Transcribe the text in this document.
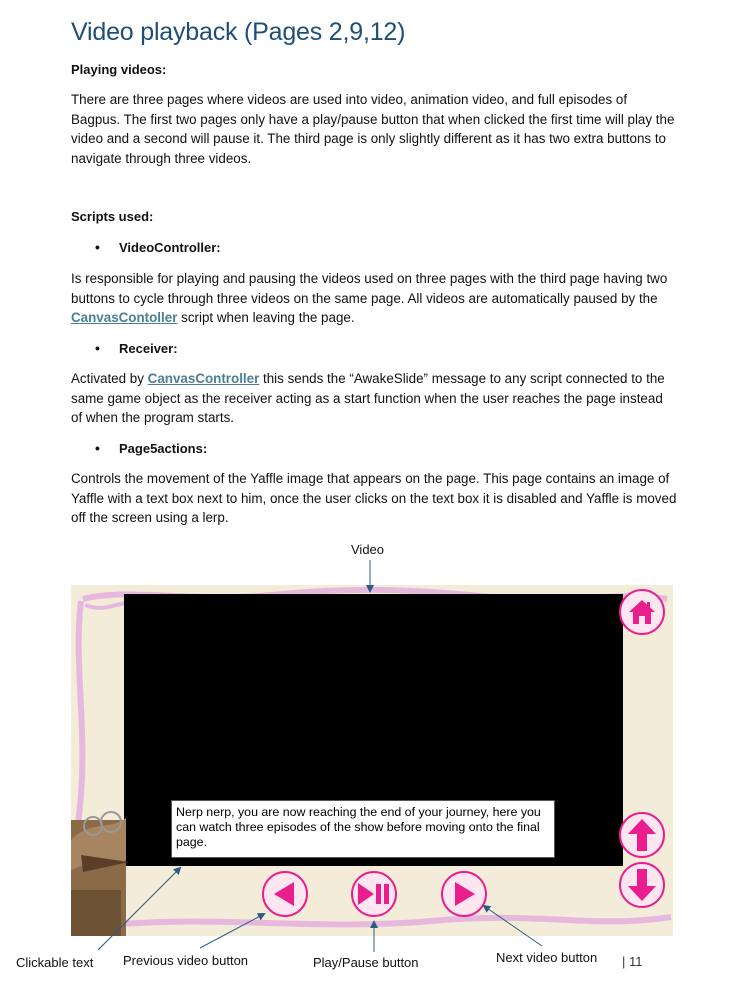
Video playback (Pages 2,9,12)
Playing videos:
There are three pages where videos are used into video, animation video, and full episodes of Bagpus. The first two pages only have a play/pause button that when clicked the first time will play the video and a second will pause it. The third page is only slightly different as it has two extra buttons to navigate through three videos.
Scripts used:
• VideoController:
Is responsible for playing and pausing the videos used on three pages with the third page having two buttons to cycle through three videos on the same page. All videos are automatically paused by the CanvasContoller script when leaving the page.
• Receiver:
Activated by CanvasController this sends the “AwakeSlide” message to any script connected to the same game object as the receiver acting as a start function when the user reaches the page instead of when the program starts.
• Page5actions:
Controls the movement of the Yaffle image that appears on the page. This page contains an image of Yaffle with a text box next to him, once the user clicks on the text box it is disabled and Yaffle is moved off the screen using a lerp.
Video
Nerp nerp, you are now reaching the end of your journey, here you can watch three episodes of the show before moving onto the final page.
Clickable text Previous video button	Play/Pause button	Next video button | 11
